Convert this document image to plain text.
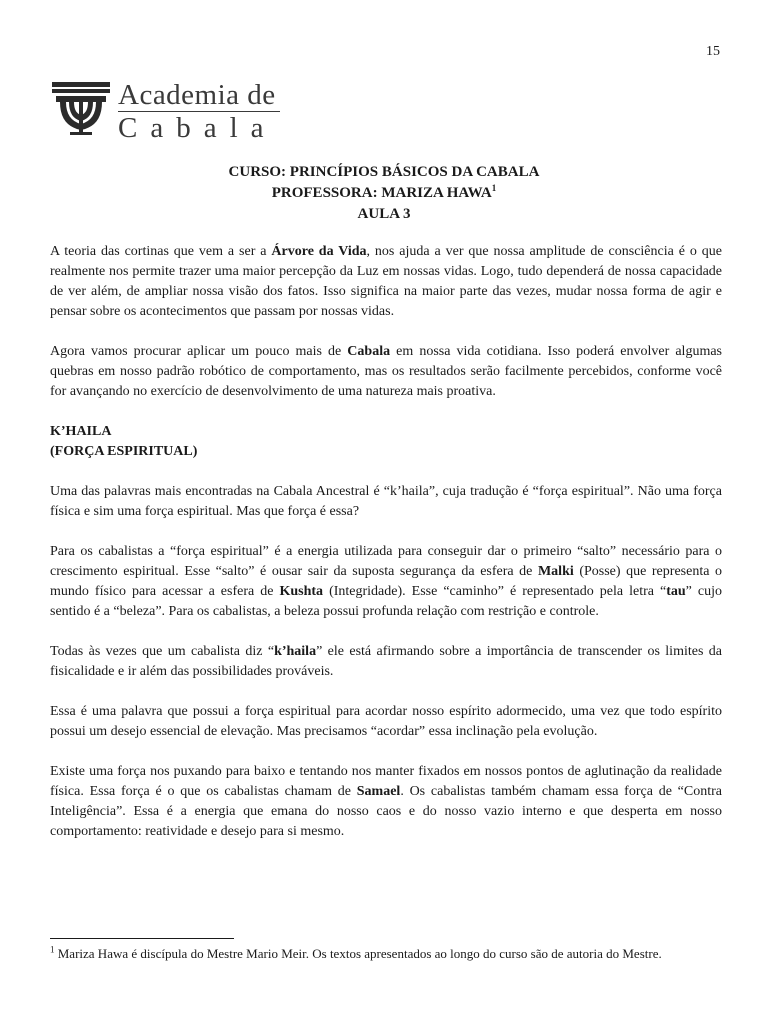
15
Academia de
Cabala
CURSO: PRINCÍPIOS BÁSICOS DA CABALA
PROFESSORA: MARIZA HAWA$^1$
AULA 3

A teoria das cortinas que vem a ser a Árvore da Vida, nos ajuda a ver que nossa amplitude de consciência é o que realmente nos permite trazer uma maior percepção da Luz em nossas vidas. Logo, tudo dependerá de nossa capacidade de ver além, de ampliar nossa visão dos fatos. Isso significa na maior parte das vezes, mudar nossa forma de agir e pensar sobre os acontecimentos que passam por nossas vidas.

Agora vamos procurar aplicar um pouco mais de Cabala em nossa vida cotidiana. Isso poderá envolver algumas quebras em nosso padrão robótico de comportamento, mas os resultados serão facilmente percebidos, conforme você for avançando no exercício de desenvolvimento de uma natureza mais proativa.

K’HAILA

(FORÇA ESPIRITUAL)

Uma das palavras mais encontradas na Cabala Ancestral é “k’haila”, cuja tradução é “força espiritual”. Não uma força física e sim uma força espiritual. Mas que força é essa?

Para os cabalistas a “força espiritual” é a energia utilizada para conseguir dar o primeiro “salto” necessário para o crescimento espiritual. Esse “salto” é ousar sair da suposta segurança da esfera de Malki (Posse) que representa o mundo físico para acessar a esfera de Kushta (Integridade). Esse “caminho” é representado pela letra “tau” cujo sentido é a “beleza”. Para os cabalistas, a beleza possui profunda relação com restrição e controle.

Todas às vezes que um cabalista diz “k’haila” ele está afirmando sobre a importância de transcender os limites da fisicalidade e ir além das possibilidades prováveis.

Essa é uma palavra que possui a força espiritual para acordar nosso espírito adormecido, uma vez que todo espírito possui um desejo essencial de elevação. Mas precisamos “acordar” essa inclinação pela evolução.

Existe uma força nos puxando para baixo e tentando nos manter fixados em nossos pontos de aglutinação da realidade física. Essa força é o que os cabalistas chamam de Samael. Os cabalistas também chamam essa força de “Contra Inteligência”. Essa é a energia que emana do nosso caos e do nosso vazio interno e que desperta em nosso comportamento: reatividade e desejo para si mesmo.

$^1$ Mariza Hawa é discípula do Mestre Mario Meir. Os textos apresentados ao longo do curso são de autoria do Mestre.
